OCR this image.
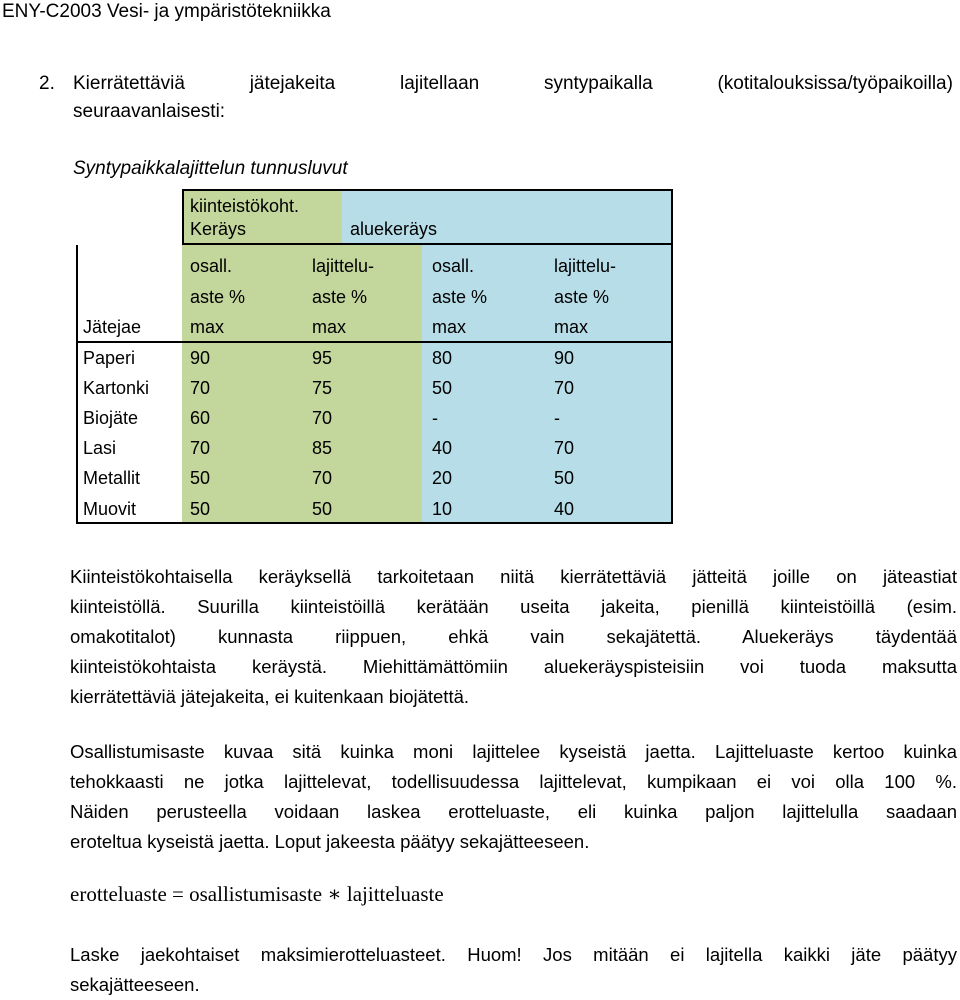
ENY-C2003 Vesi- ja ympäristötekniikka
2. Kierrätettäviä	jätejakeita	lajitellaan	syntypaikalla	(kotitalouksissa/työpaikoilla)
seuraavanlaisesti:
Syntypaikkalajittelun tunnusluvut
kiinteistökoht.
Keräys	aluekeräys
osall.	lajittelu-	osall.	lajittelu-
aste %	aste %	aste %	aste %
Jätejae	max	max	max	max
Paperi	90	95	80	90
Kartonki 70	75	50	70
Biojäte	60	70	-	-
Lasi	70	85	40	70
Metallit	50	70	20	50
Muovit	50	50	10	40
Kiinteistökohtaisella keräyksellä tarkoitetaan niitä kierrätettäviä jätteitä joille on jäteastiat
kiinteistöllä. Suurilla kiinteistöillä kerätään useita jakeita, pienillä kiinteistöillä (esim.
omakotitalot) kunnasta riippuen, ehkä vain sekajätettä. Aluekeräys täydentää
kiinteistökohtaista keräystä. Miehittämättömiin aluekeräyspisteisiin voi tuoda maksutta
kierrätettäviä jätejakeita, ei kuitenkaan biojätettä.
Osallistumisaste kuvaa sitä kuinka moni lajittelee kyseistä jaetta. Lajitteluaste kertoo kuinka
tehokkaasti ne jotka lajittelevat, todellisuudessa lajittelevat, kumpikaan ei voi olla 100 %.
Näiden perusteella voidaan laskea erotteluaste, eli kuinka paljon lajittelulla saadaan
eroteltua kyseistä jaetta. Loput jakeesta päätyy sekajätteeseen.
erotteluaste = osallistumisaste ∗ lajitteluaste
Laske jaekohtaiset maksimierotteluasteet. Huom! Jos mitään ei lajitella kaikki jäte päätyy
sekajätteeseen.
